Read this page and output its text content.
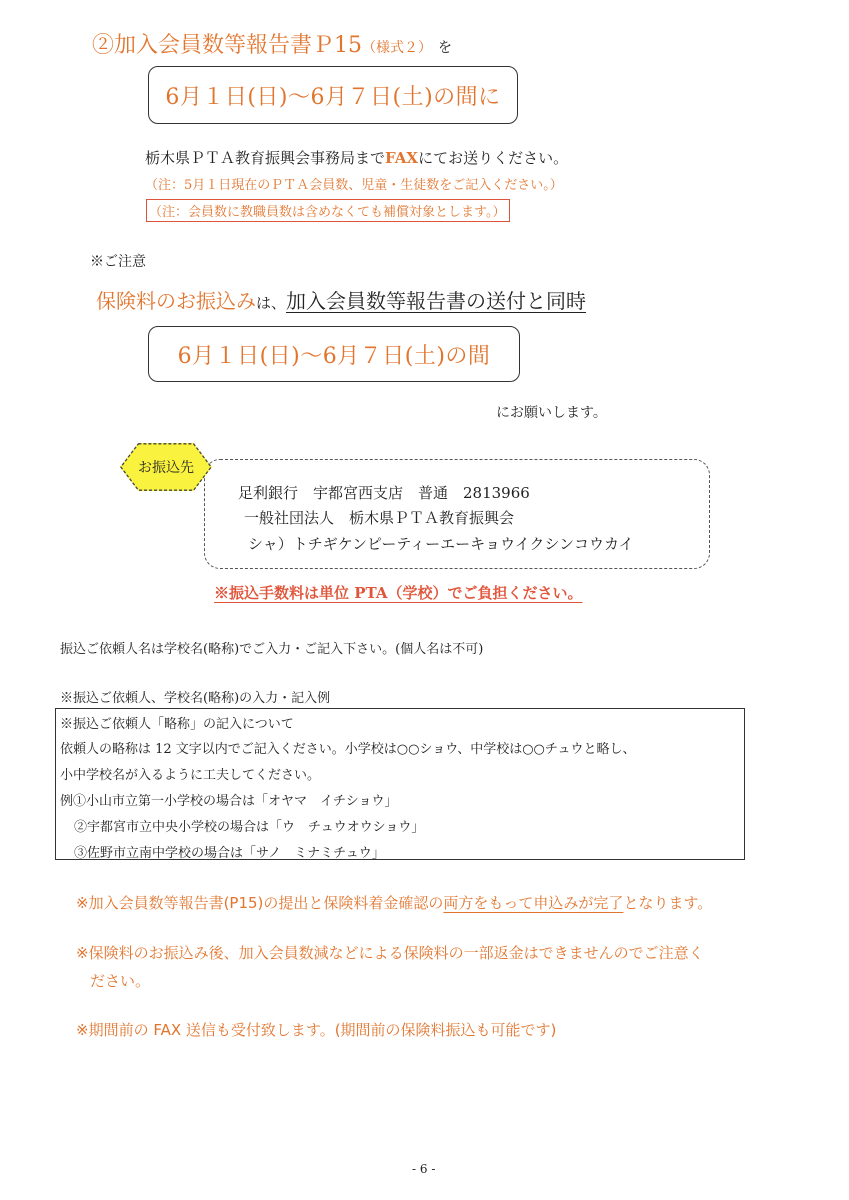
②加入会員数等報告書Ｐ15（様式２） を
6月１日(日)～6月７日(土)の間に
栃木県ＰＴＡ教育振興会事務局までFAXにてお送りください。
（注：5月１日現在のＰＴＡ会員数、児童・生徒数をご記入ください。）
（注：会員数に教職員数は含めなくても補償対象とします。）
※ご注意
保険料のお振込みは、加入会員数等報告書の送付と同時
6月１日(日)～6月７日(土)の間
にお願いします。
お振込先
足利銀行　宇都宮西支店　普通　2813966
一般社団法人　栃木県ＰＴＡ教育振興会
シャ）トチギケンピーティーエーキョウイクシンコウカイ
※振込手数料は単位 PTA（学校）でご負担ください。
振込ご依頼人名は学校名(略称)でご入力・ご記入下さい。(個人名は不可)
※振込ご依頼人、学校名(略称)の入力・記入例
※振込ご依頼人「略称」の記入について
依頼人の略称は 12 文字以内でご記入ください。小学校は○○ショウ、中学校は○○チュウと略し、
小中学校名が入るように工夫してください。
例①小山市立第一小学校の場合は「オヤマ　イチショウ」
②宇都宮市立中央小学校の場合は「ウ　チュウオウショウ」
③佐野市立南中学校の場合は「サノ　ミナミチュウ」
※加入会員数等報告書(P15)の提出と保険料着金確認の両方をもって申込みが完了となります。
※保険料のお振込み後、加入会員数減などによる保険料の一部返金はできませんのでご注意く
ださい。
※期間前の FAX 送信も受付致します。(期間前の保険料振込も可能です)
- 6 -
